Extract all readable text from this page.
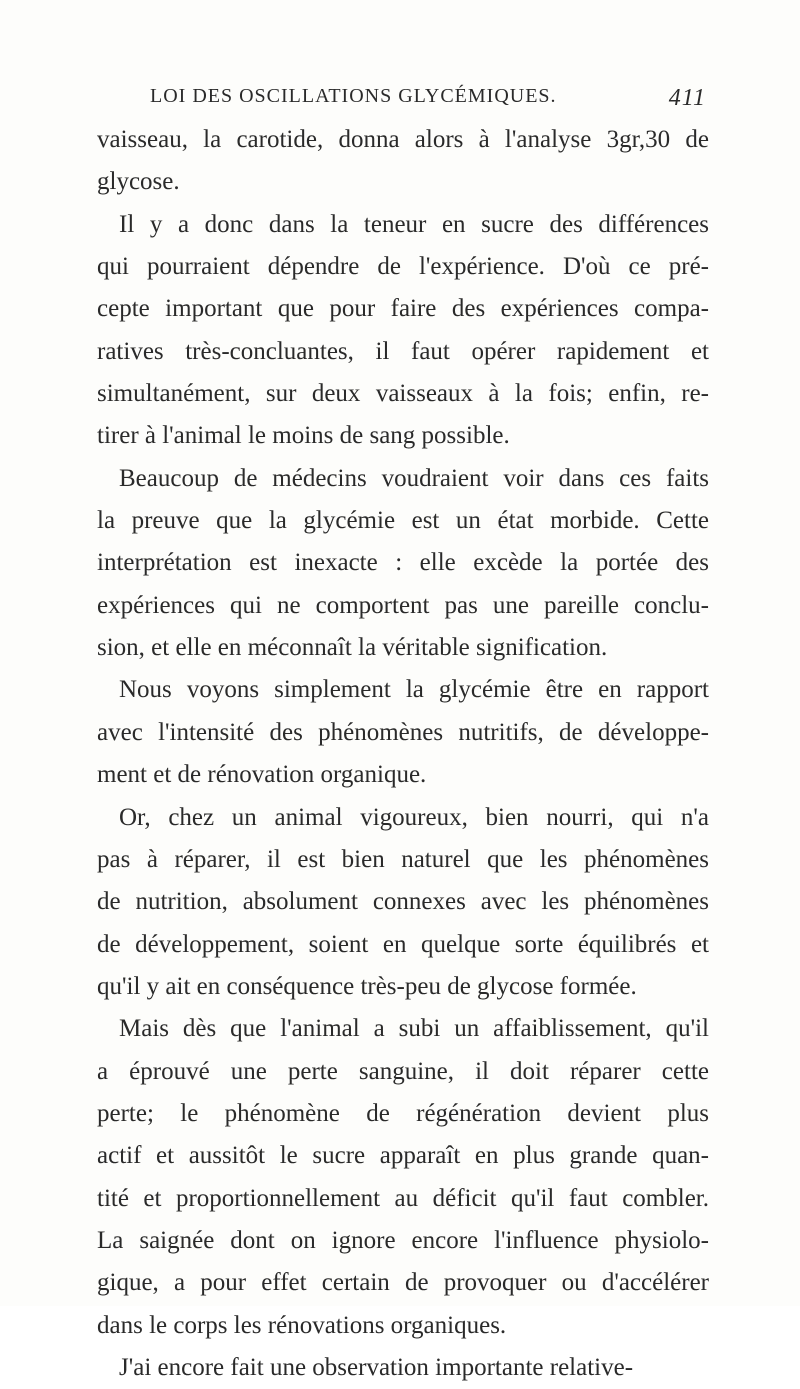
LOI DES OSCILLATIONS GLYCÉMIQUES.	411
vaisseau, la carotide, donna alors à l'analyse 3gr,30 de
glycose.
Il y a donc dans la teneur en sucre des différences
qui pourraient dépendre de l'expérience. D'où ce pré-
cepte important que pour faire des expériences compa-
ratives très-concluantes, il faut opérer rapidement et
simultanément, sur deux vaisseaux à la fois; enfin, re-
tirer à l'animal le moins de sang possible.
Beaucoup de médecins voudraient voir dans ces faits
la preuve que la glycémie est un état morbide. Cette
interprétation est inexacte : elle excède la portée des
expériences qui ne comportent pas une pareille conclu-
sion, et elle en méconnaît la véritable signification.
Nous voyons simplement la glycémie être en rapport
avec l'intensité des phénomènes nutritifs, de développe-
ment et de rénovation organique.
Or, chez un animal vigoureux, bien nourri, qui n'a
pas à réparer, il est bien naturel que les phénomènes
de nutrition, absolument connexes avec les phénomènes
de développement, soient en quelque sorte équilibrés et
qu'il y ait en conséquence très-peu de glycose formée.
Mais dès que l'animal a subi un affaiblissement, qu'il
a éprouvé une perte sanguine, il doit réparer cette
perte; le phénomène de régénération devient plus
actif et aussitôt le sucre apparaît en plus grande quan-
tité et proportionnellement au déficit qu'il faut combler.
La saignée dont on ignore encore l'influence physiolo-
gique, a pour effet certain de provoquer ou d'accélérer
dans le corps les rénovations organiques.
J'ai encore fait une observation importante relative-
